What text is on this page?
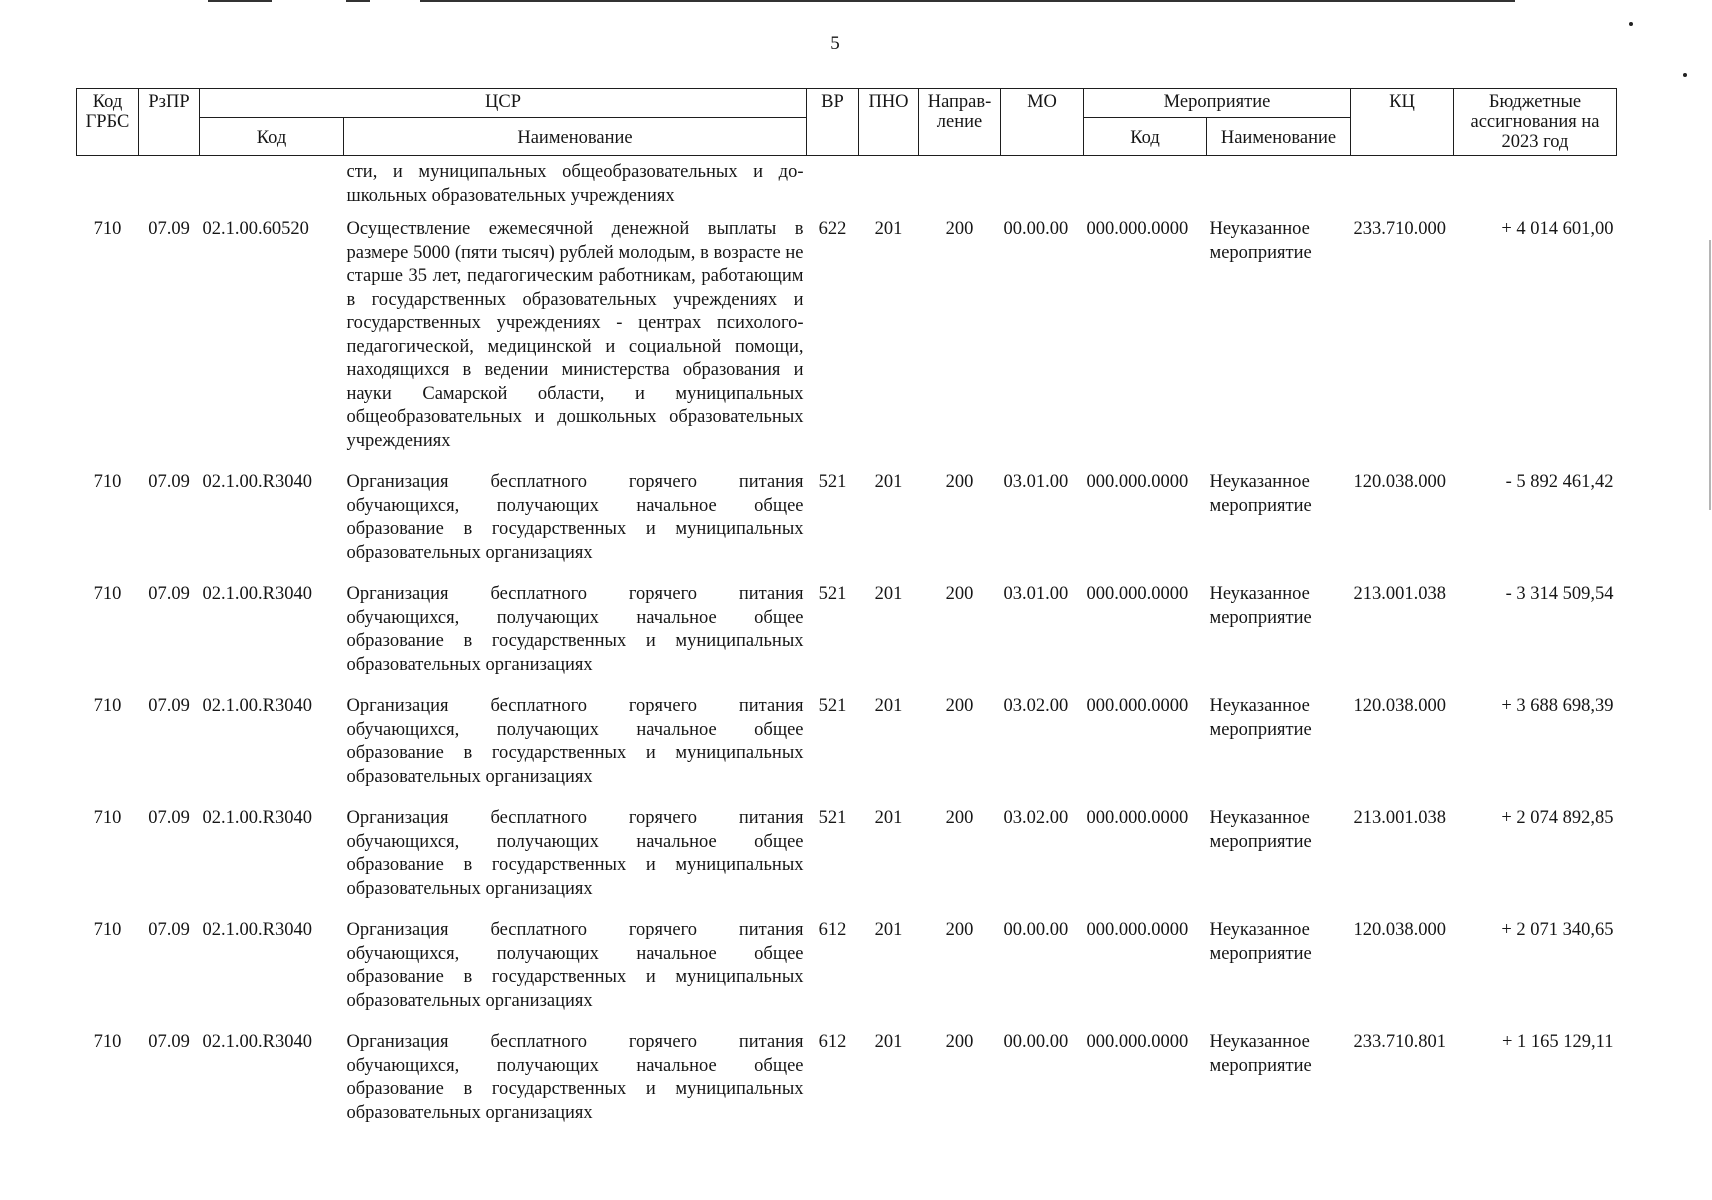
5
Код ГРБС	РзПР	ЦСР		ВР	ПНО	Направ-ление	МО	Мероприятие		КЦ	Бюджетные ассигнования на 2023 год
		Код	Наименование					Код	Наименование		
			сти, и муниципальных общеобразовательных и до-школьных образовательных учреждениях								
710	07.09	02.1.00.60520	Осуществление ежемесячной денежной выплаты в размере 5000 (пяти тысяч) рублей молодым, в возрасте не старше 35 лет, педагогическим работникам, работающим в государственных образовательных учреждениях и государственных учреждениях - центрах психолого-педагогической, медицинской и социальной помощи, находящихся в ведении министерства образования и науки Самарской области, и муниципальных общеобразовательных и дошкольных образовательных учреждениях	622	201	200	00.00.00	000.000.0000	Неуказанное мероприятие	233.710.000	+ 4 014 601,00
710	07.09	02.1.00.R3040	Организация бесплатного горячего питания обучающихся, получающих начальное общее образование в государственных и муниципальных образовательных организациях	521	201	200	03.01.00	000.000.0000	Неуказанное мероприятие	120.038.000	- 5 892 461,42
710	07.09	02.1.00.R3040	Организация бесплатного горячего питания обучающихся, получающих начальное общее образование в государственных и муниципальных образовательных организациях	521	201	200	03.01.00	000.000.0000	Неуказанное мероприятие	213.001.038	- 3 314 509,54
710	07.09	02.1.00.R3040	Организация бесплатного горячего питания обучающихся, получающих начальное общее образование в государственных и муниципальных образовательных организациях	521	201	200	03.02.00	000.000.0000	Неуказанное мероприятие	120.038.000	+ 3 688 698,39
710	07.09	02.1.00.R3040	Организация бесплатного горячего питания обучающихся, получающих начальное общее образование в государственных и муниципальных образовательных организациях	521	201	200	03.02.00	000.000.0000	Неуказанное мероприятие	213.001.038	+ 2 074 892,85
710	07.09	02.1.00.R3040	Организация бесплатного горячего питания обучающихся, получающих начальное общее образование в государственных и муниципальных образовательных организациях	612	201	200	00.00.00	000.000.0000	Неуказанное мероприятие	120.038.000	+ 2 071 340,65
710	07.09	02.1.00.R3040	Организация бесплатного горячего питания обучающихся, получающих начальное общее образование в государственных и муниципальных образовательных организациях	612	201	200	00.00.00	000.000.0000	Неуказанное мероприятие	233.710.801	+ 1 165 129,11
